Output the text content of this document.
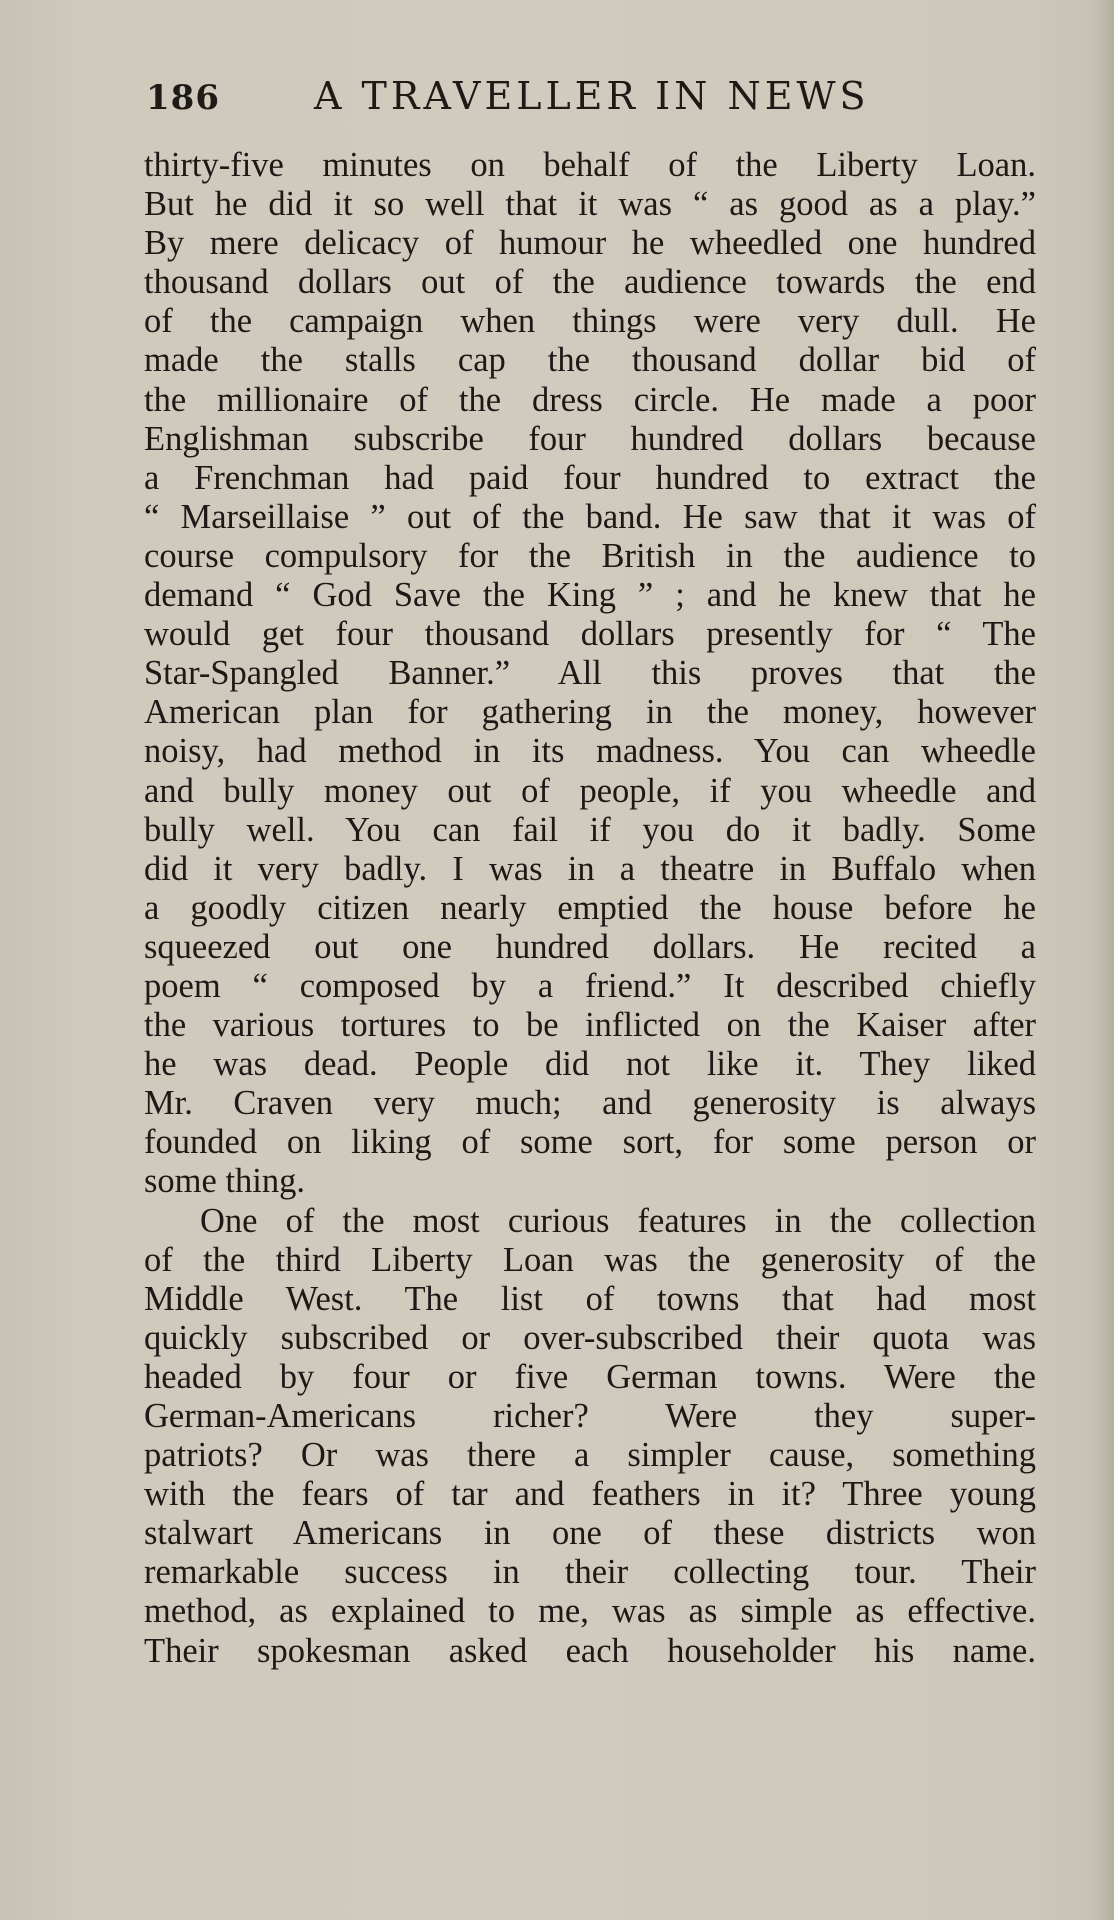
186 A TRAVELLER IN NEWS
thirty-five minutes on behalf of the Liberty Loan.
But he did it so well that it was “ as good as a play.”
By mere delicacy of humour he wheedled one hundred
thousand dollars out of the audience towards the end
of the campaign when things were very dull. He
made the stalls cap the thousand dollar bid of
the millionaire of the dress circle. He made a poor
Englishman subscribe four hundred dollars because
a Frenchman had paid four hundred to extract the
“ Marseillaise ” out of the band. He saw that it was of
course compulsory for the British in the audience to
demand “ God Save the King ” ; and he knew that he
would get four thousand dollars presently for “ The
Star-Spangled Banner.” All this proves that the
American plan for gathering in the money, however
noisy, had method in its madness. You can wheedle
and bully money out of people, if you wheedle and
bully well. You can fail if you do it badly. Some
did it very badly. I was in a theatre in Buffalo when
a goodly citizen nearly emptied the house before he
squeezed out one hundred dollars. He recited a
poem “ composed by a friend.” It described chiefly
the various tortures to be inflicted on the Kaiser after
he was dead. People did not like it. They liked
Mr. Craven very much; and generosity is always
founded on liking of some sort, for some person or
some thing.
One of the most curious features in the collection
of the third Liberty Loan was the generosity of the
Middle West. The list of towns that had most
quickly subscribed or over-subscribed their quota was
headed by four or five German towns. Were the
German-Americans richer? Were they super-
patriots? Or was there a simpler cause, something
with the fears of tar and feathers in it? Three young
stalwart Americans in one of these districts won
remarkable success in their collecting tour. Their
method, as explained to me, was as simple as effective.
Their spokesman asked each householder his name.
